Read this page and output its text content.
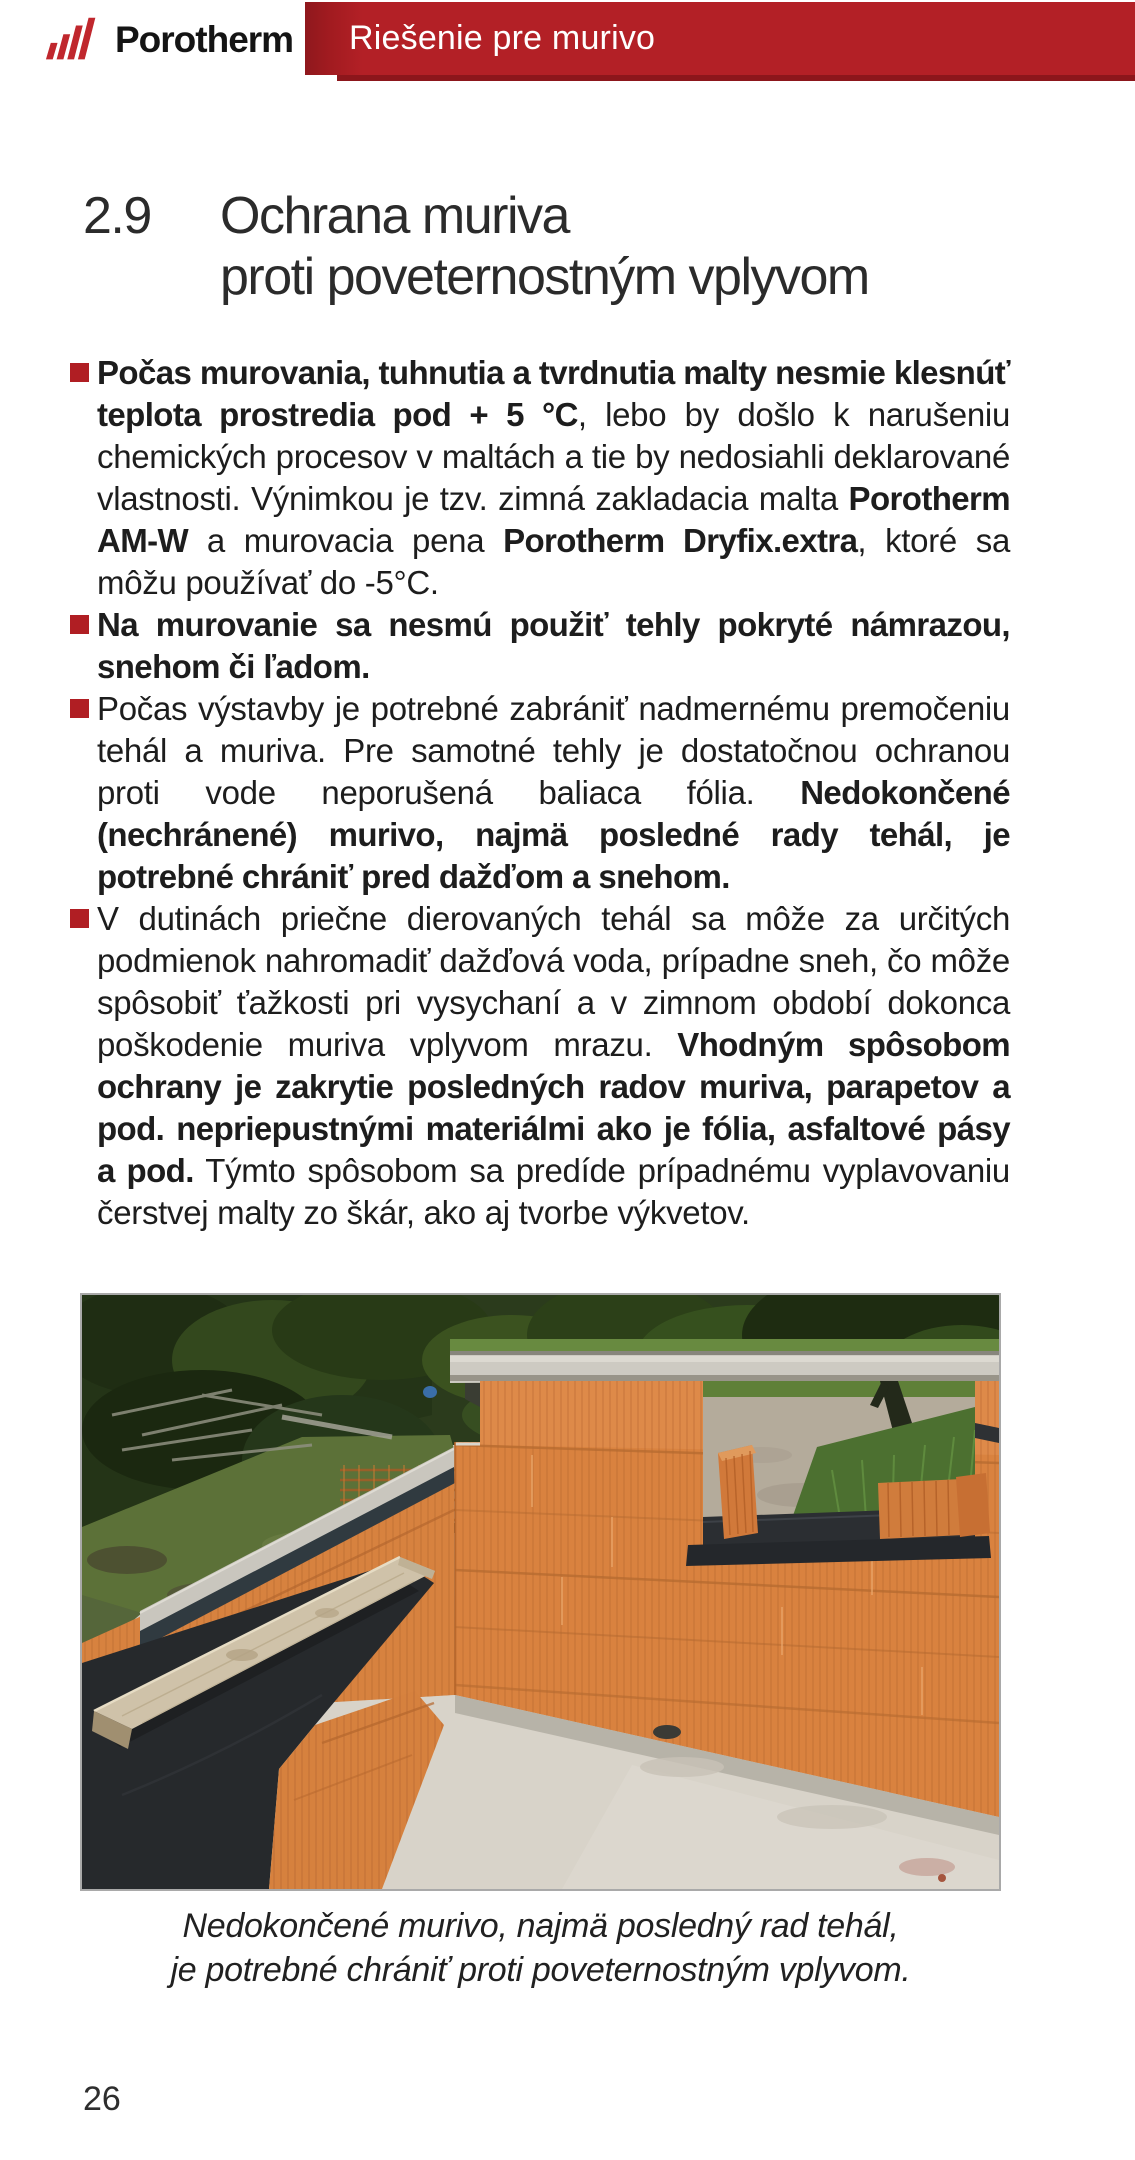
Porotherm	Riešenie pre murivo
2.9	Ochrana muriva
proti poveternostným vplyvom
Počas murovania, tuhnutia a tvrdnutia malty nesmie klesnúť teplota prostredia pod + 5 °C, lebo by došlo k narušeniu chemických procesov v maltách a tie by nedosiahli deklarované vlastnosti. Výnimkou je tzv. zimná zakladacia malta Porotherm AM-W a murovacia pena Porotherm Dryfix.extra, ktoré sa môžu používať do -5°C.
Na murovanie sa nesmú použiť tehly pokryté námrazou, snehom či ľadom.
Počas výstavby je potrebné zabrániť nadmernému premočeniu tehál a muriva. Pre samotné tehly je dostatočnou ochranou proti vode neporušená baliaca fólia. Nedokončené (nechránené) murivo, najmä posledné rady tehál, je potrebné chrániť pred dažďom a snehom.
V dutinách priečne dierovaných tehál sa môže za určitých podmienok nahromadiť dažďová voda, prípadne sneh, čo môže spôsobiť ťažkosti pri vysychaní a v zimnom období dokonca poškodenie muriva vplyvom mrazu. Vhodným spôsobom ochrany je zakrytie posledných radov muriva, parapetov a pod. nepriepustnými materiálmi ako je fólia, asfaltové pásy a pod. Týmto spôsobom sa predíde prípadnému vyplavovaniu čerstvej malty zo škár, ako aj tvorbe výkvetov.
Nedokončené murivo, najmä posledný rad tehál,
je potrebné chrániť proti poveternostným vplyvom.
26
